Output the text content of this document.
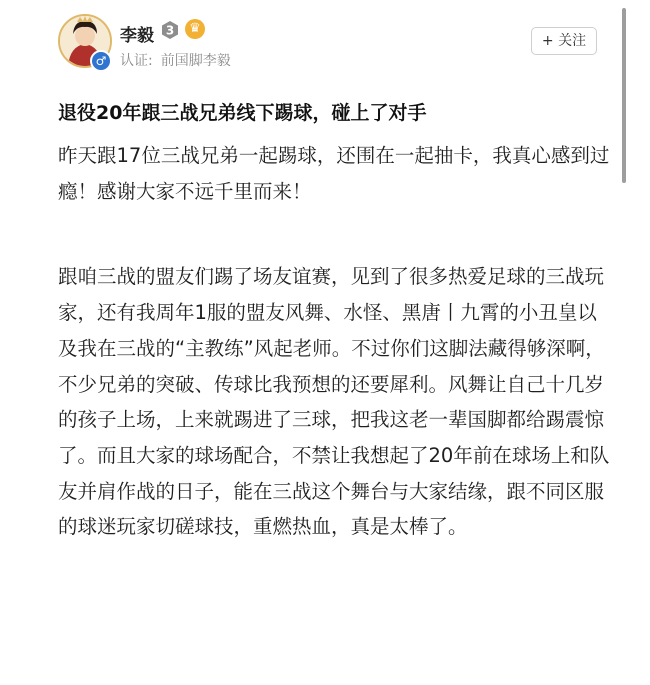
♂
李毅 3	♛
认证: 前国脚李毅
+ 关注
退役20年跟三战兄弟线下踢球，碰上了对手

昨天跟17位三战兄弟一起踢球，还围在一起抽卡，我真心感到过瘾！感谢大家不远千里而来！

跟咱三战的盟友们踢了场友谊赛，见到了很多热爱足球的三战玩家，还有我周年1服的盟友风舞、水怪、黑唐丨九霄的小丑皇以及我在三战的“主教练”风起老师。不过你们这脚法藏得够深啊，不少兄弟的突破、传球比我预想的还要犀利。风舞让自己十几岁的孩子上场，上来就踢进了三球，把我这老一辈国脚都给踢震惊了。而且大家的球场配合，不禁让我想起了20年前在球场上和队友并肩作战的日子，能在三战这个舞台与大家结缘，跟不同区服的球迷玩家切磋球技，重燃热血，真是太棒了。
